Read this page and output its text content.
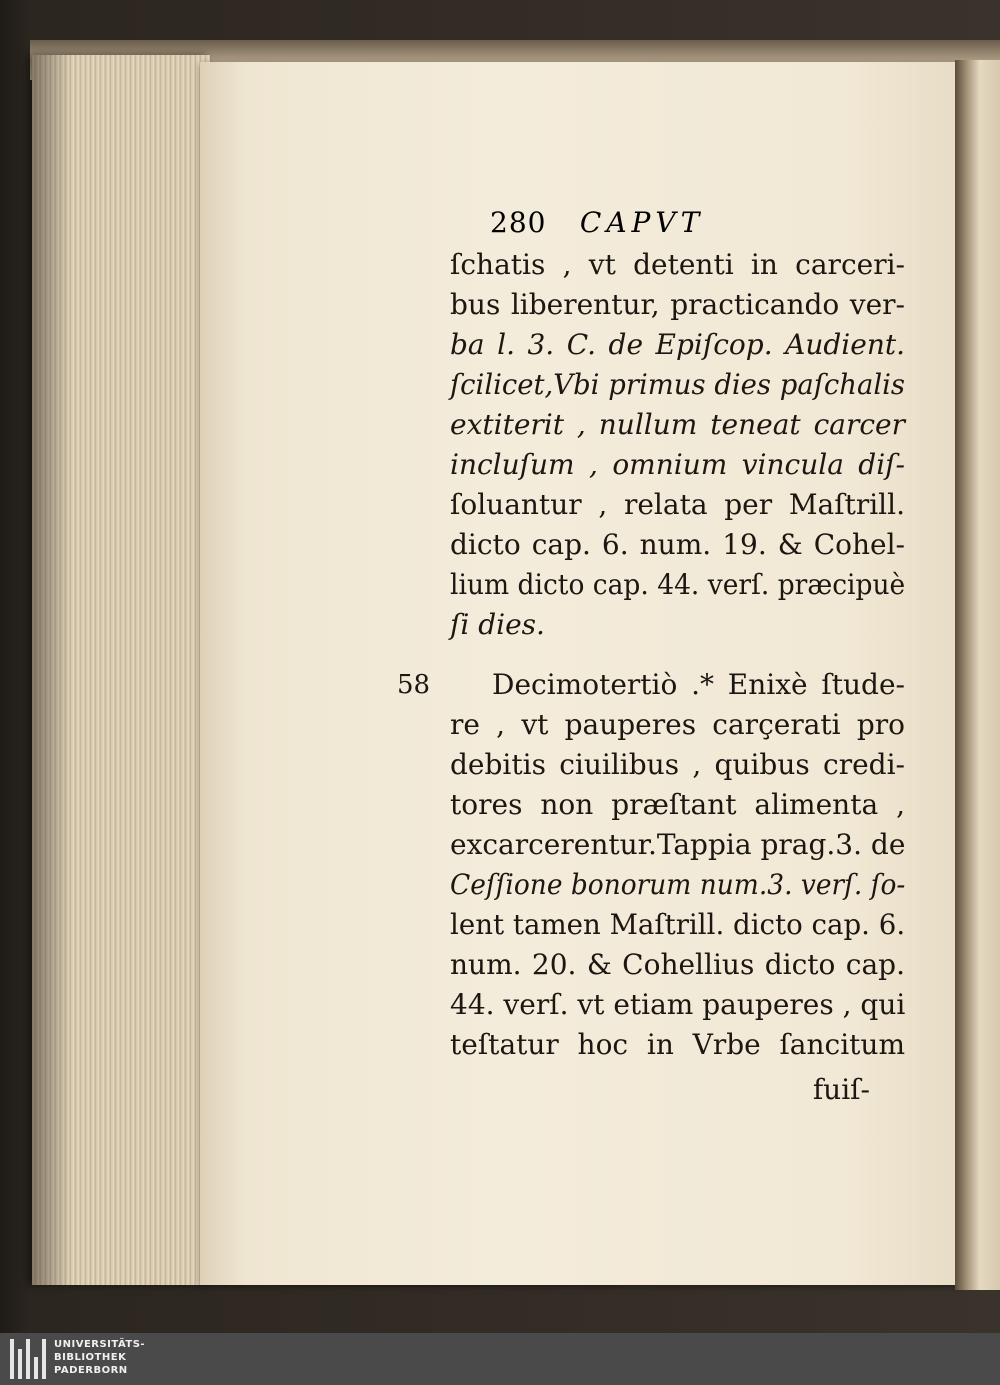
280 CAPVT
58
ſchatis , vt detenti in carceri-
bus liberentur, practicando ver-
ba l. 3. C. de Epiſcop. Audient.
ſcilicet,Vbi primus dies paſchalis
extiterit , nullum teneat carcer
incluſum , omnium vincula diſ-
ſoluantur , relata per Maſtrill.
dicto cap. 6. num. 19. & Cohel-
lium dicto cap. 44. verſ. præcipuè
ſi dies.
Decimotertiò .* Enixè ſtude-
re , vt pauperes carçerati pro
debitis ciuilibus , quibus credi-
tores non præſtant alimenta ,
excarcerentur.Tappia prag.3. de
Ceſſione bonorum num.3. verſ. ſo-
lent tamen Maſtrill. dicto cap. 6.
num. 20. & Cohellius dicto cap.
44. verſ. vt etiam pauperes , qui
teſtatur hoc in Vrbe ſancitum
fuiſ-
UNIVERSITÄTS-
BIBLIOTHEK
PADERBORN
